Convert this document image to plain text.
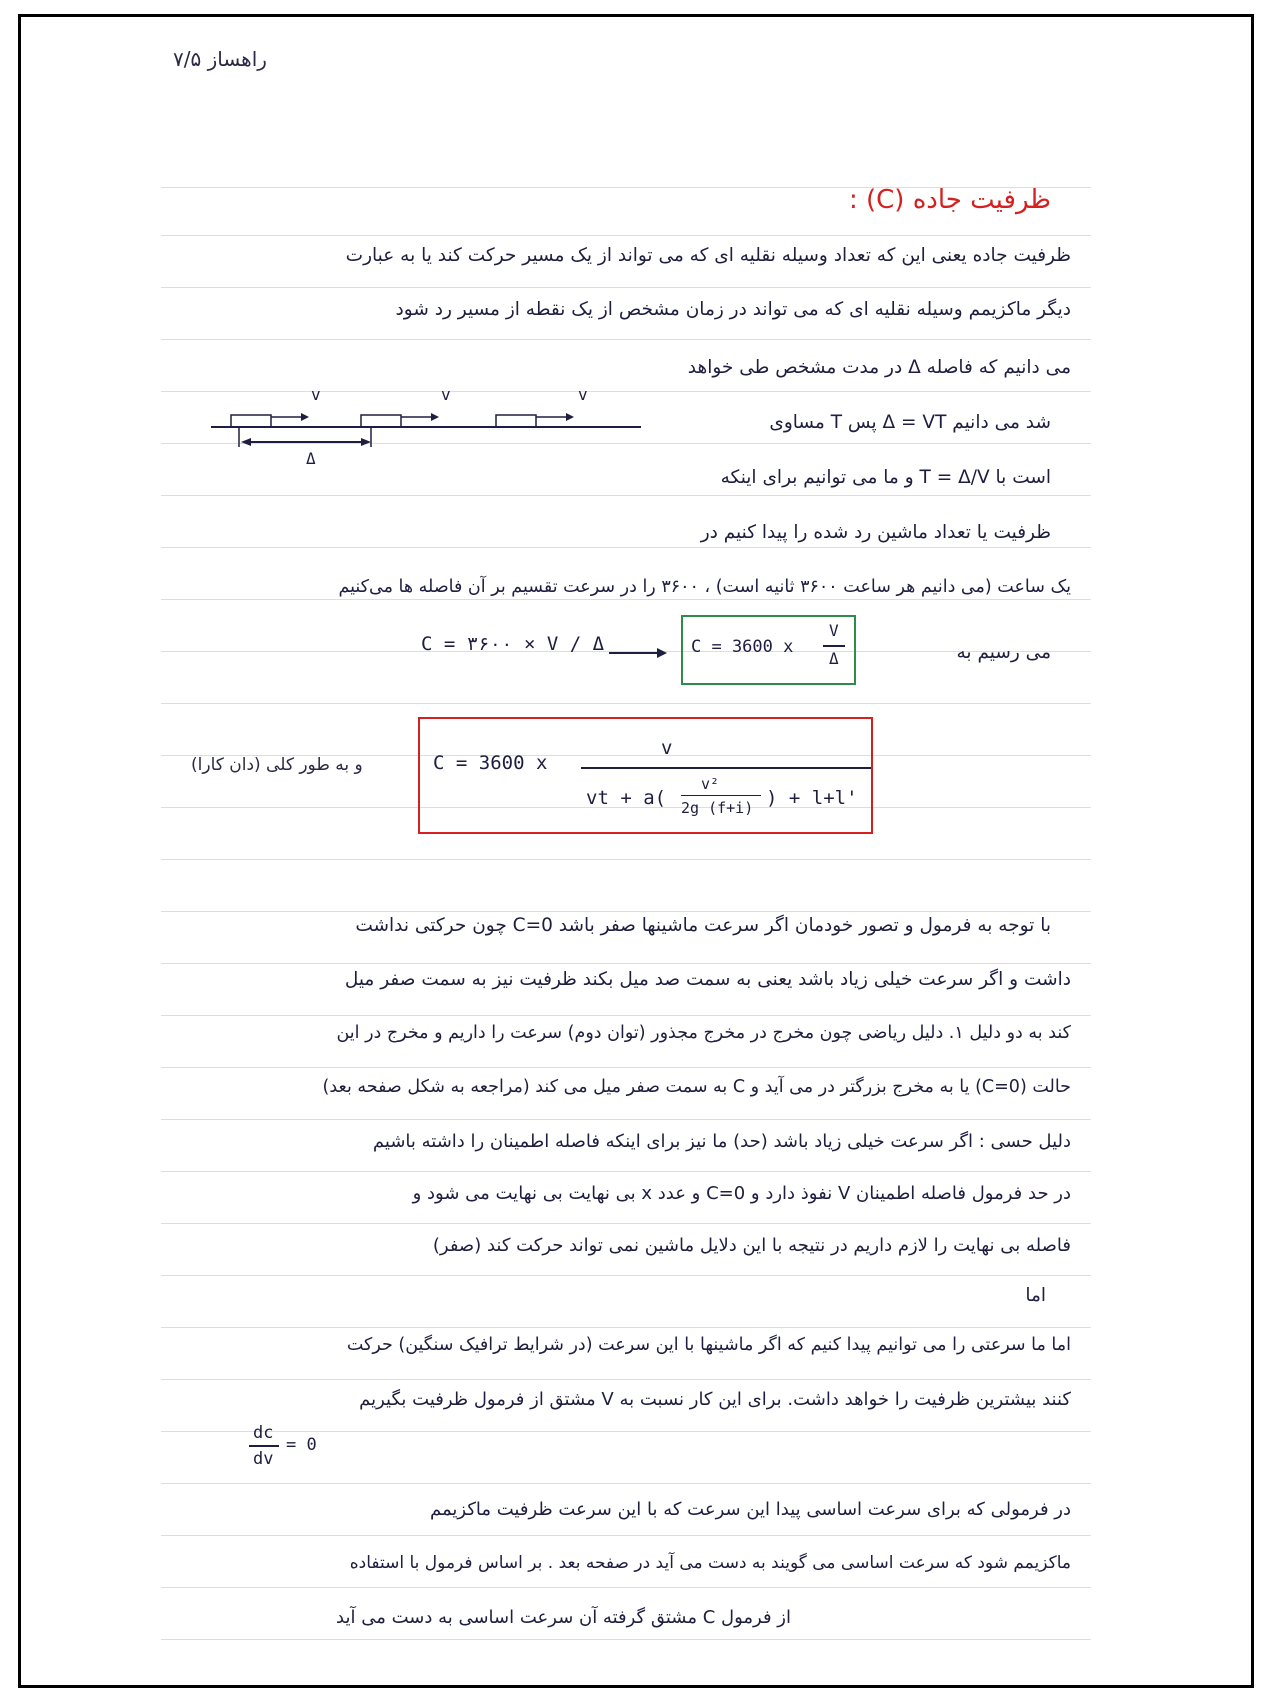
راهساز ۷/۵
ظرفیت جاده (C) :
ظرفیت جاده یعنی این که تعداد وسیله نقلیه ای که می تواند از یک مسیر حرکت کند یا به عبارت
دیگر ماکزیمم وسیله نقلیه ای که می تواند در زمان مشخص از یک نقطه از مسیر رد شود
می دانیم که فاصله Δ در مدت مشخص طی خواهد
شد می دانیم Δ = VT پس T مساوی
است با T = Δ/V و ما می توانیم برای اینکه
ظرفیت یا تعداد ماشین رد شده را پیدا کنیم در
یک ساعت (می دانیم هر ساعت ۳۶۰۰ ثانیه است) ، ۳۶۰۰ را در سرعت تقسیم بر آن فاصله ها می‌کنیم
می رسیم به
v	v	v
Δ
C = ۳۶۰۰ × V / Δ	C = 3600 x
V
Δ
و به طور کلی (دان کارا)	C = 3600 x
v
vt + a(
v²
2g (f+i) ) + l+l'
با توجه به فرمول و تصور خودمان اگر سرعت ماشینها صفر باشد C=0 چون حرکتی نداشت
داشت و اگر سرعت خیلی زیاد باشد یعنی به سمت صد میل بکند ظرفیت نیز به سمت صفر میل
کند به دو دلیل ۱. دلیل ریاضی چون مخرج در مخرج مجذور (توان دوم) سرعت را داریم و مخرج در این
حالت (C=0) یا به مخرج بزرگتر در می آید و C به سمت صفر میل می کند (مراجعه به شکل صفحه بعد)
دلیل حسی : اگر سرعت خیلی زیاد باشد (حد) ما نیز برای اینکه فاصله اطمینان را داشته باشیم
در حد فرمول فاصله اطمینان V نفوذ دارد و C=0 و عدد x بی نهایت بی نهایت می شود و
فاصله بی نهایت را لازم داریم در نتیجه با این دلایل ماشین نمی تواند حرکت کند (صفر)
اما
اما ما سرعتی را می توانیم پیدا کنیم که اگر ماشینها با این سرعت (در شرایط ترافیک سنگین) حرکت
کنند بیشترین ظرفیت را خواهد داشت. برای این کار نسبت به V مشتق از فرمول ظرفیت بگیریم
dc
dv
= 0
در فرمولی که برای سرعت اساسی پیدا این سرعت که با این سرعت ظرفیت ماکزیمم
ماکزیمم شود که سرعت اساسی می گویند به دست می آید در صفحه بعد . بر اساس فرمول با استفاده
از فرمول C مشتق گرفته آن سرعت اساسی به دست می آید
